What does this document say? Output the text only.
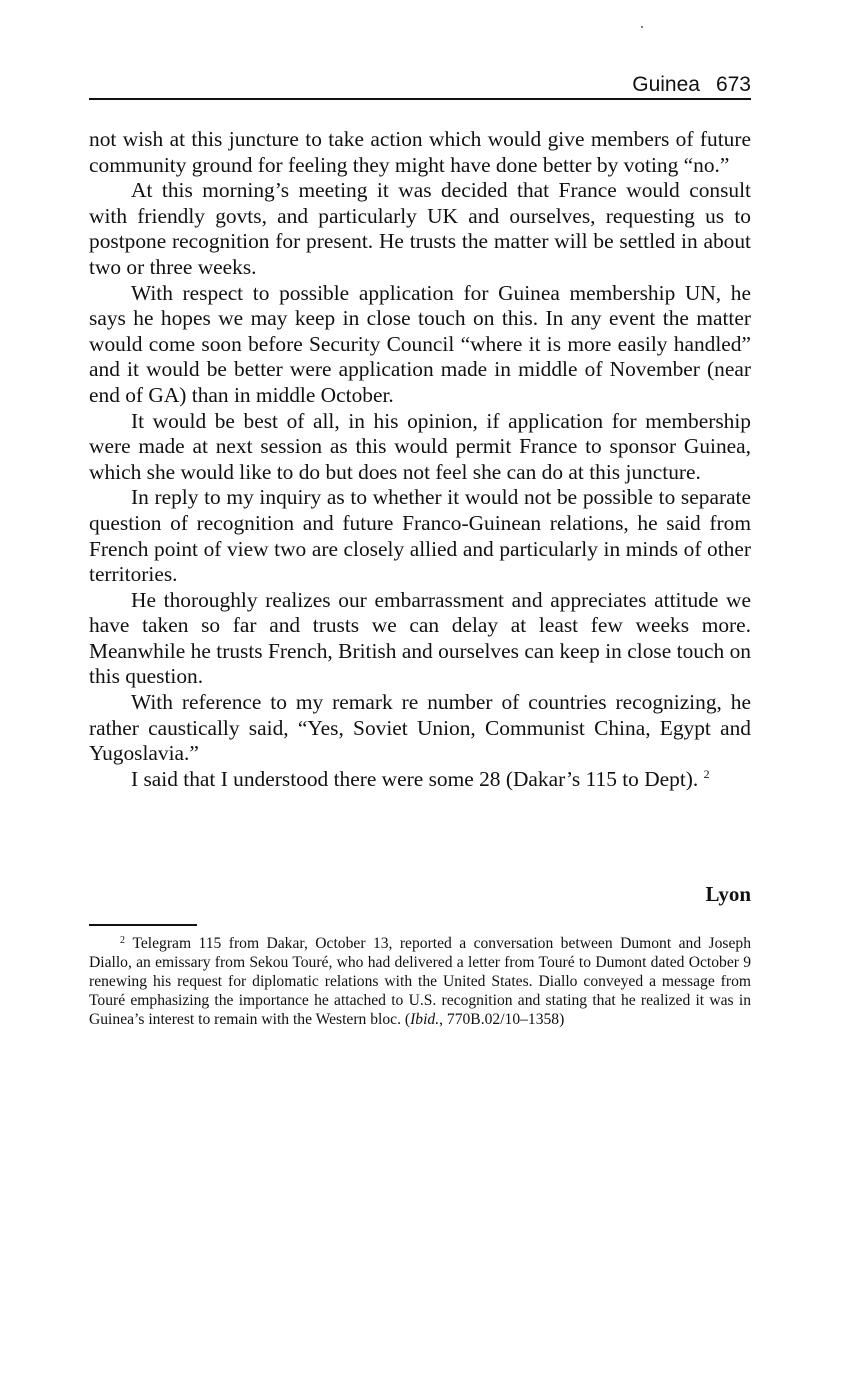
Guinea 673

not wish at this juncture to take action which would give members of future community ground for feeling they might have done better by voting “no.”

At this morning’s meeting it was decided that France would consult with friendly govts, and particularly UK and ourselves, requesting us to postpone recognition for present. He trusts the matter will be settled in about two or three weeks.

With respect to possible application for Guinea membership UN, he says he hopes we may keep in close touch on this. In any event the matter would come soon before Security Council “where it is more easily handled” and it would be better were application made in middle of November (near end of GA) than in middle October.

It would be best of all, in his opinion, if application for membership were made at next session as this would permit France to sponsor Guinea, which she would like to do but does not feel she can do at this juncture.

In reply to my inquiry as to whether it would not be possible to separate question of recognition and future Franco-Guinean relations, he said from French point of view two are closely allied and particularly in minds of other territories.

He thoroughly realizes our embarrassment and appreciates attitude we have taken so far and trusts we can delay at least few weeks more. Meanwhile he trusts French, British and ourselves can keep in close touch on this question.

With reference to my remark re number of countries recognizing, he rather caustically said, “Yes, Soviet Union, Communist China, Egypt and Yugoslavia.”

I said that I understood there were some 28 (Dakar’s 115 to Dept). $^2$

Lyon

$^2$ Telegram 115 from Dakar, October 13, reported a conversation between Dumont and Joseph Diallo, an emissary from Sekou Touré, who had delivered a letter from Touré to Dumont dated October 9 renewing his request for diplomatic relations with the United States. Diallo conveyed a message from Touré emphasizing the importance he attached to U.S. recognition and stating that he realized it was in Guinea’s interest to remain with the Western bloc. (Ibid., 770B.02/10–1358)
